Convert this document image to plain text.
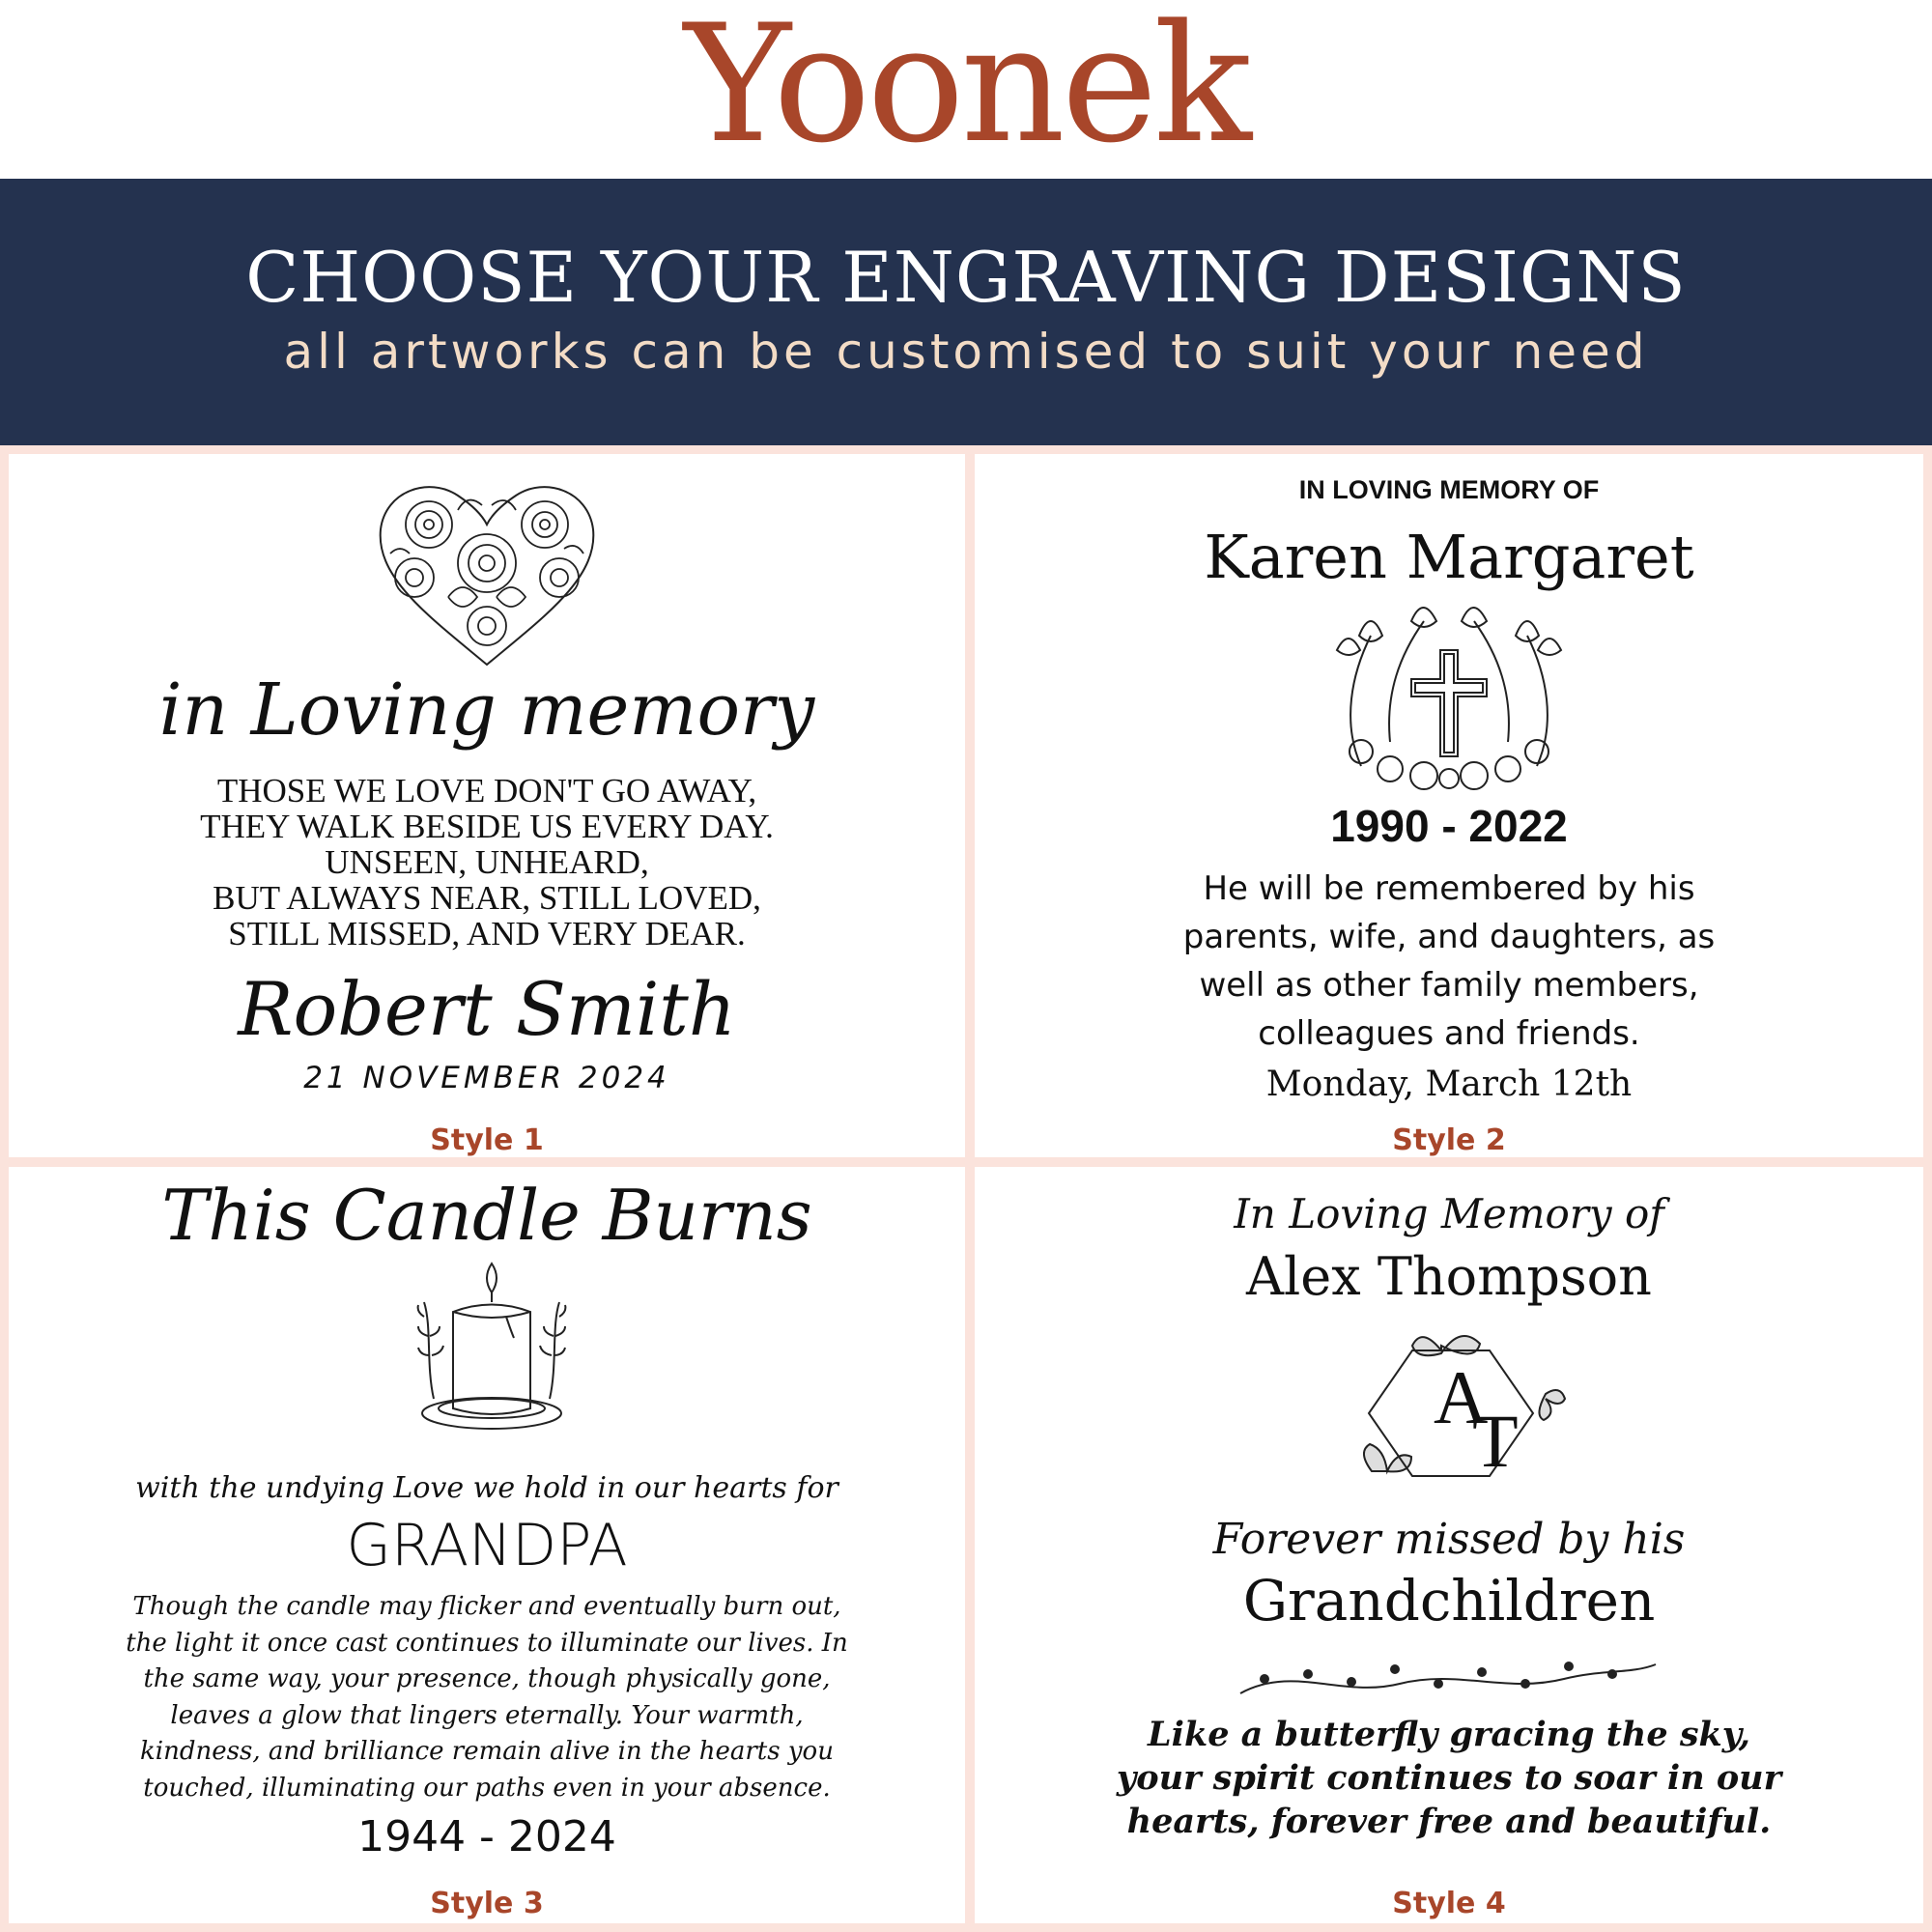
Yoonek
CHOOSE YOUR ENGRAVING DESIGNS
all artworks can be customised to suit your need
in Loving memory
THOSE WE LOVE DON'T GO AWAY,
THEY WALK BESIDE US EVERY DAY.
UNSEEN, UNHEARD,
BUT ALWAYS NEAR, STILL LOVED,
STILL MISSED, AND VERY DEAR.
Robert Smith
21 NOVEMBER 2024
Style 1
IN LOVING MEMORY OF
Karen Margaret
1990 - 2022
He will be remembered by his
parents, wife, and daughters, as
well as other family members,
colleagues and friends.
Monday, March 12th
Style 2
This Candle Burns
with the undying Love we hold in our hearts for
GRANDPA
Though the candle may flicker and eventually burn out,
the light it once cast continues to illuminate our lives. In
the same way, your presence, though physically gone,
leaves a glow that lingers eternally. Your warmth,
kindness, and brilliance remain alive in the hearts you
touched, illuminating our paths even in your absence.
1944 - 2024
Style 3
In Loving Memory of
Alex Thompson
A
T
Forever missed by his
Grandchildren
Like a butterfly gracing the sky,
your spirit continues to soar in our
hearts, forever free and beautiful.
Style 4
